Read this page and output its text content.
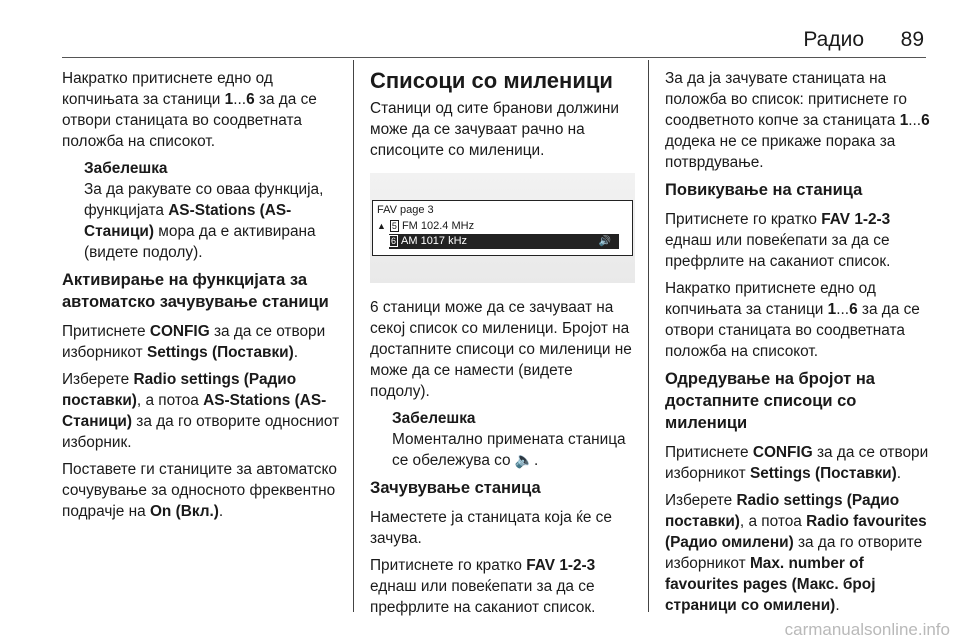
Радио 89

Накратко притиснете едно од копчињата за станици 1...6 за да се отвори станицата во соодветната положба на списокот.

Забелешка
За да ракувате со оваа функција, функцијата AS-Stations (AS-Станици) мора да е активирана (видете подолу).
Активирање на функцијата за автоматско зачувување станици

Притиснете CONFIG за да се отвори изборникот Settings (Поставки).

Изберете Radio settings (Радио поставки), а потоа AS-Stations (AS-Станици) за да го отворите односниот изборник.

Поставете ги станиците за автоматско сочувување за односното фреквентно подрачје на On (Вкл.).

Списоци со миленици

Станици од сите бранови должини може да се зачуваат рачно на списоците со миленици.

FAV page 3
▲ 5 FM 102.4 MHz
6 AM 1017 kHz	🔊

6 станици може да се зачуваат на секој список со миленици. Бројот на достапните списоци со миленици не може да се намести (видете подолу).

Забелешка
Моментално примената станица се обележува со 🔈.
Зачувување станица

Наместете ја станицата која ќе се зачува.

Притиснете го кратко FAV 1-2-3 еднаш или повеќепати за да се префрлите на саканиот список.

За да ја зачувате станицата на положба во список: притиснете го соодветното копче за станицата 1...6 додека не се прикаже порака за потврдување.

Повикување на станица

Притиснете го кратко FAV 1-2-3 еднаш или повеќепати за да се префрлите на саканиот список.

Накратко притиснете едно од копчињата за станици 1...6 за да се отвори станицата во соодветната положба на списокот.

Одредување на бројот на достапните списоци со миленици

Притиснете CONFIG за да се отвори изборникот Settings (Поставки).

Изберете Radio settings (Радио поставки), а потоа Radio favourites (Радио омилени) за да го отворите изборникот Max. number of favourites pages (Макс. број страници со омилени).

carmanualsonline.info
